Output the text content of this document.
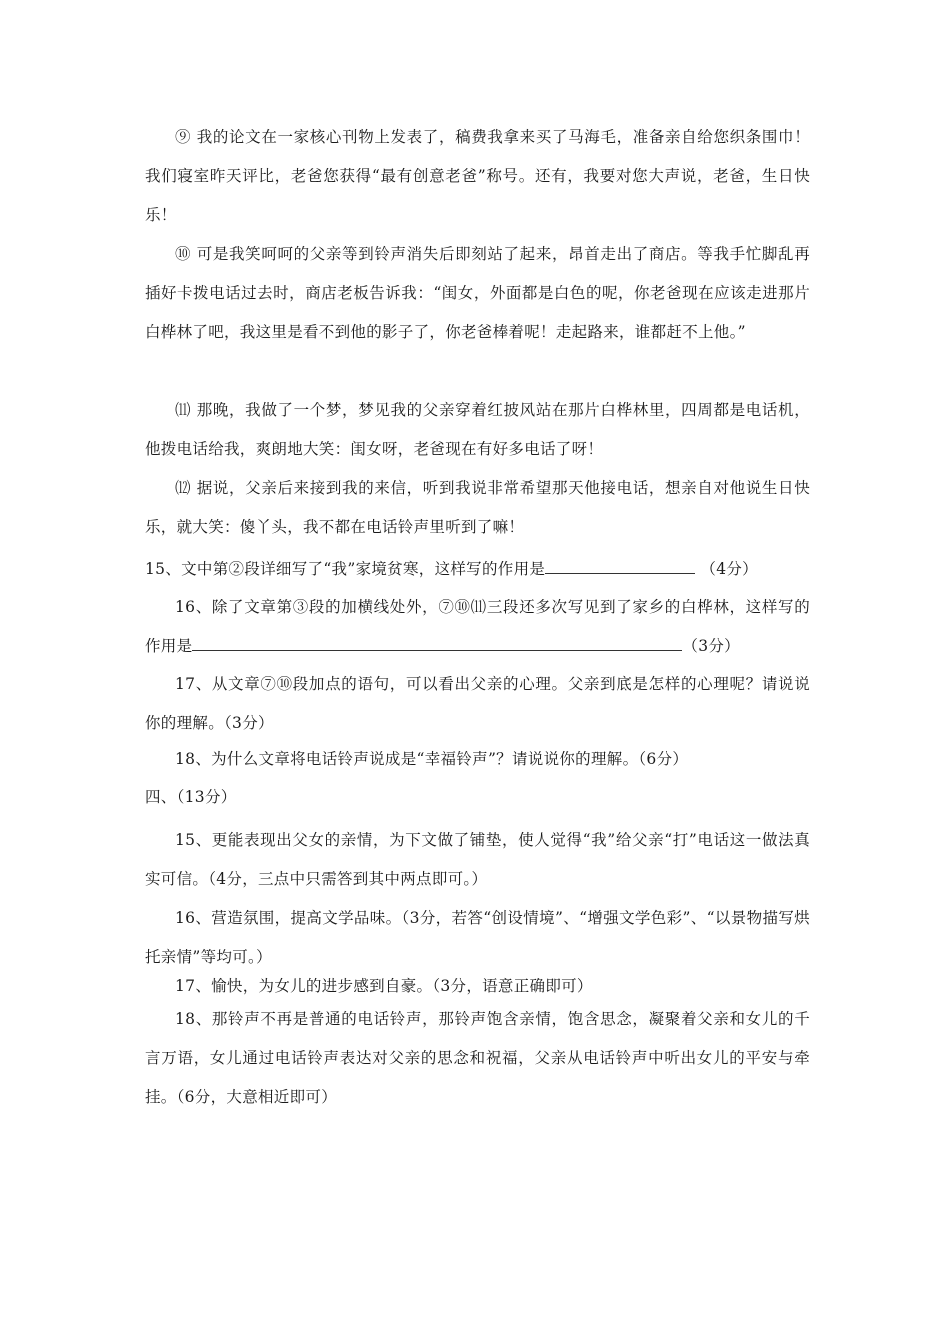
⑨ 我的论文在一家核心刊物上发表了，稿费我拿来买了马海毛，准备亲自给您织条围巾！我们寝室昨天评比，老爸您获得“最有创意老爸”称号。还有，我要对您大声说，老爸，生日快乐！

⑩ 可是我笑呵呵的父亲等到铃声消失后即刻站了起来，昂首走出了商店。等我手忙脚乱再插好卡拨电话过去时，商店老板告诉我：“闺女，外面都是白色的呢，你老爸现在应该走进那片白桦林了吧，我这里是看不到他的影子了，你老爸棒着呢！走起路来，谁都赶不上他。”

⑾ 那晚，我做了一个梦，梦见我的父亲穿着红披风站在那片白桦林里，四周都是电话机，他拨电话给我，爽朗地大笑：闺女呀，老爸现在有好多电话了呀！

⑿ 据说，父亲后来接到我的来信，听到我说非常希望那天他接电话，想亲自对他说生日快乐，就大笑：傻丫头，我不都在电话铃声里听到了嘛！

15、文中第②段详细写了“我”家境贫寒，这样写的作用是	（4分）

16、除了文章第③段的加横线处外，⑦⑩⑾三段还多次写见到了家乡的白桦林，这样写的作用是	（3分）

17、从文章⑦⑩段加点的语句，可以看出父亲的心理。父亲到底是怎样的心理呢？请说说你的理解。（3分）

18、为什么文章将电话铃声说成是“幸福铃声”？请说说你的理解。（6分）

四、（13分）

15、更能表现出父女的亲情，为下文做了铺垫，使人觉得“我”给父亲“打”电话这一做法真实可信。（4分，三点中只需答到其中两点即可。）

16、营造氛围，提高文学品味。（3分，若答“创设情境”、“增强文学色彩”、“以景物描写烘托亲情”等均可。）

17、愉快，为女儿的进步感到自豪。（3分，语意正确即可）

18、那铃声不再是普通的电话铃声，那铃声饱含亲情，饱含思念，凝聚着父亲和女儿的千言万语，女儿通过电话铃声表达对父亲的思念和祝福，父亲从电话铃声中听出女儿的平安与牵挂。（6分，大意相近即可）
